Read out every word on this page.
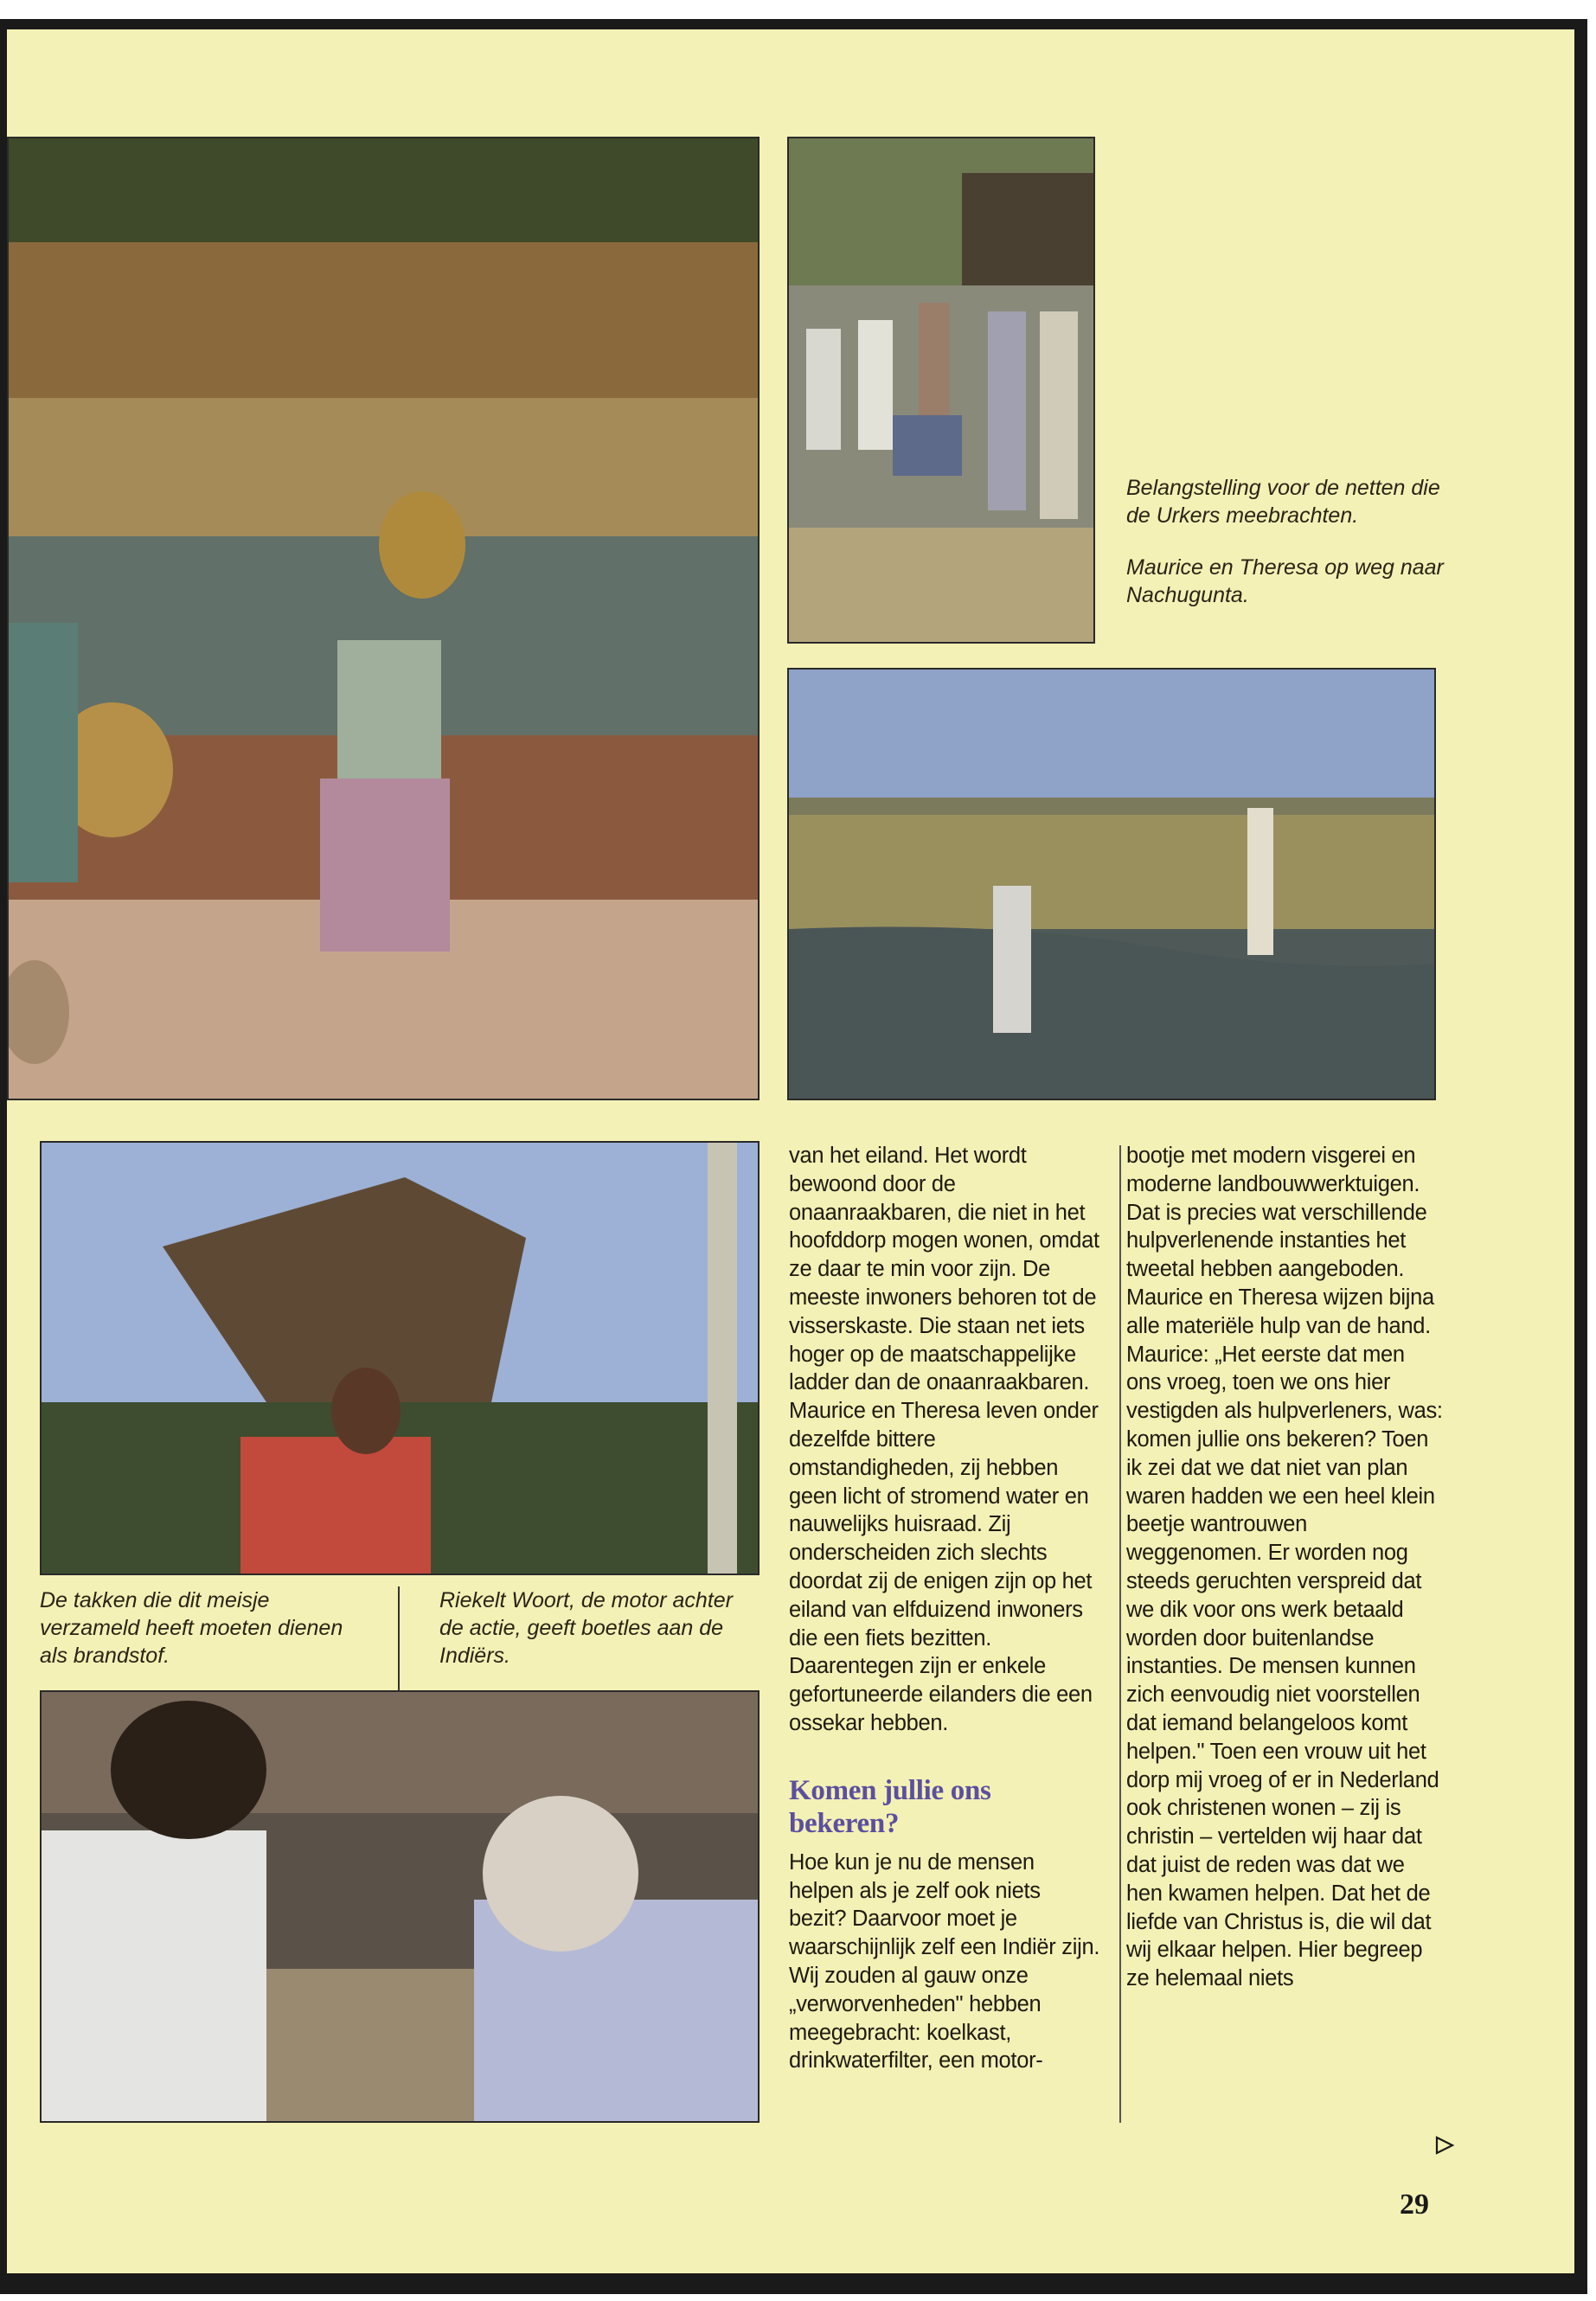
Belangstelling voor de netten die de Urkers meebrachten.

Maurice en Theresa op weg naar Nachugunta.

De takken die dit meisje verzameld heeft moeten dienen als brandstof.
Riekelt Woort, de motor achter de actie, geeft boetles aan de Indiërs.

van het eiland. Het wordt bewoond door de onaanraakbaren, die niet in het hoofddorp mogen wonen, omdat ze daar te min voor zijn. De meeste inwoners behoren tot de visserskaste. Die staan net iets hoger op de maatschappelijke ladder dan de onaanraakbaren. Maurice en Theresa leven onder dezelfde bittere omstandigheden, zij hebben geen licht of stromend water en nauwelijks huisraad. Zij onderscheiden zich slechts doordat zij de enigen zijn op het eiland van elfduizend inwoners die een fiets bezitten. Daarentegen zijn er enkele gefortuneerde eilanders die een ossekar hebben.

Komen jullie ons bekeren?

Hoe kun je nu de mensen helpen als je zelf ook niets bezit? Daarvoor moet je waarschijnlijk zelf een Indiër zijn. Wij zouden al gauw onze „verworvenheden" hebben meegebracht: koelkast, drinkwaterfilter, een motor-

bootje met modern visgerei en moderne landbouwwerktuigen. Dat is precies wat verschillende hulpverlenende instanties het tweetal hebben aangeboden. Maurice en Theresa wijzen bijna alle materiële hulp van de hand. Maurice: „Het eerste dat men ons vroeg, toen we ons hier vestigden als hulpverleners, was: komen jullie ons bekeren? Toen ik zei dat we dat niet van plan waren hadden we een heel klein beetje wantrouwen weggenomen. Er worden nog steeds geruchten verspreid dat we dik voor ons werk betaald worden door buitenlandse instanties. De mensen kunnen zich eenvoudig niet voorstellen dat iemand belangeloos komt helpen." Toen een vrouw uit het dorp mij vroeg of er in Nederland ook christenen wonen – zij is christin – vertelden wij haar dat dat juist de reden was dat we hen kwamen helpen. Dat het de liefde van Christus is, die wil dat wij elkaar helpen. Hier begreep ze helemaal niets

29
